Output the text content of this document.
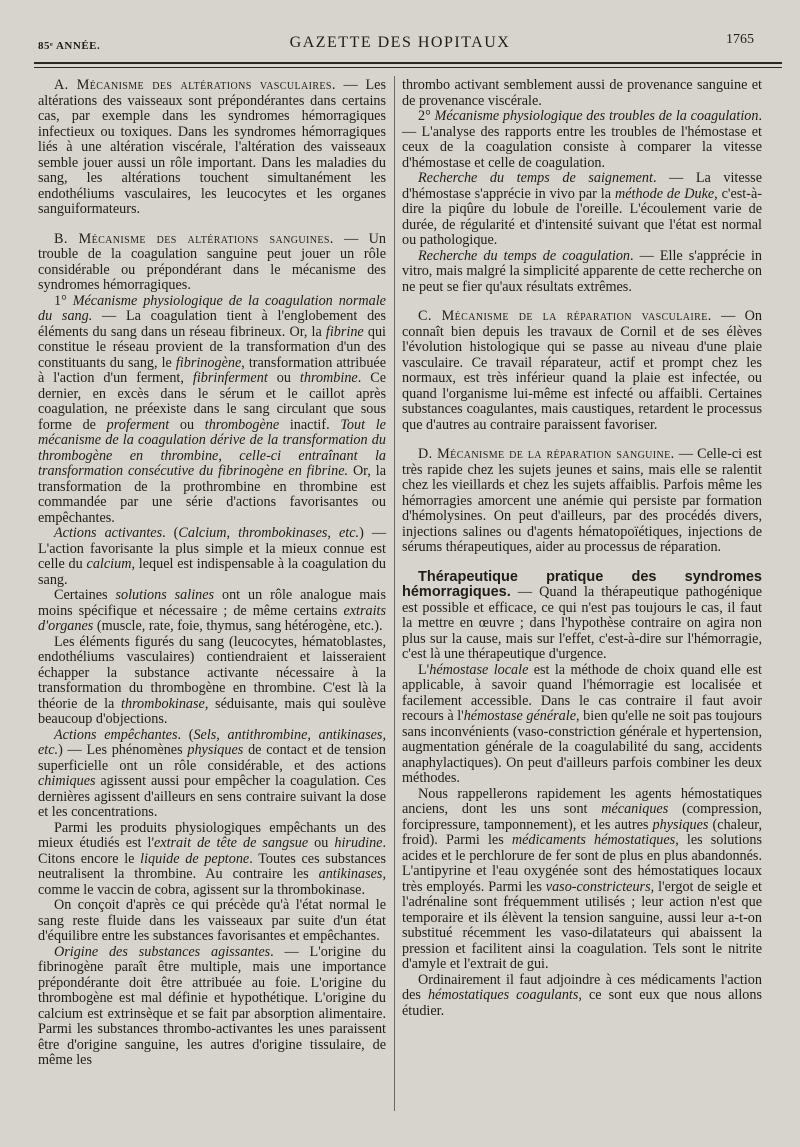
85ᵉ ANNÉE.	GAZETTE DES HOPITAUX	1765

A. Mécanisme des altérations vasculaires. — Les altérations des vaisseaux sont prépondérantes dans certains cas, par exemple dans les syndromes hémorragiques infectieux ou toxiques. Dans les syndromes hémorragiques liés à une altération viscérale, l'altération des vaisseaux semble jouer aussi un rôle important. Dans les maladies du sang, les altérations touchent simultanément les endothéliums vasculaires, les leucocytes et les organes sanguiformateurs.

B. Mécanisme des altérations sanguines. — Un trouble de la coagulation sanguine peut jouer un rôle considérable ou prépondérant dans le mécanisme des syndromes hémorragiques.

1° Mécanisme physiologique de la coagulation normale du sang. — La coagulation tient à l'englobement des éléments du sang dans un réseau fibrineux. Or, la fibrine qui constitue le réseau provient de la transformation d'un des constituants du sang, le fibrinogène, transformation attribuée à l'action d'un ferment, fibrinferment ou thrombine. Ce dernier, en excès dans le sérum et le caillot après coagulation, ne préexiste dans le sang circulant que sous forme de proferment ou thrombogène inactif. Tout le mécanisme de la coagulation dérive de la transformation du thrombogène en thrombine, celle-ci entraînant la transformation consécutive du fibrinogène en fibrine. Or, la transformation de la prothrombine en thrombine est commandée par une série d'actions favorisantes ou empêchantes.

Actions activantes. (Calcium, thrombokinases, etc.) — L'action favorisante la plus simple et la mieux connue est celle du calcium, lequel est indispensable à la coagulation du sang.

Certaines solutions salines ont un rôle analogue mais moins spécifique et nécessaire ; de même certains extraits d'organes (muscle, rate, foie, thymus, sang hétérogène, etc.).

Les éléments figurés du sang (leucocytes, hématoblastes, endothéliums vasculaires) contiendraient et laisseraient échapper la substance activante nécessaire à la transformation du thrombogène en thrombine. C'est là la théorie de la thrombokinase, séduisante, mais qui soulève beaucoup d'objections.

Actions empêchantes. (Sels, antithrombine, antikinases, etc.) — Les phénomènes physiques de contact et de tension superficielle ont un rôle considérable, et des actions chimiques agissent aussi pour empêcher la coagulation. Ces dernières agissent d'ailleurs en sens contraire suivant la dose et les concentrations.

Parmi les produits physiologiques empêchants un des mieux étudiés est l'extrait de tête de sangsue ou hirudine. Citons encore le liquide de peptone. Toutes ces substances neutralisent la thrombine. Au contraire les antikinases, comme le vaccin de cobra, agissent sur la thrombokinase.

On conçoit d'après ce qui précède qu'à l'état normal le sang reste fluide dans les vaisseaux par suite d'un état d'équilibre entre les substances favorisantes et empêchantes.

Origine des substances agissantes. — L'origine du fibrinogène paraît être multiple, mais une importance prépondérante doit être attribuée au foie. L'origine du thrombogène est mal définie et hypothétique. L'origine du calcium est extrinsèque et se fait par absorption alimentaire. Parmi les substances thrombo-activantes les unes paraissent être d'origine sanguine, les autres d'origine tissulaire, de même les

thrombo activant semblement aussi de provenance sanguine et de provenance viscérale.

2° Mécanisme physiologique des troubles de la coagulation. — L'analyse des rapports entre les troubles de l'hémostase et ceux de la coagulation consiste à comparer la vitesse d'hémostase et celle de coagulation.

Recherche du temps de saignement. — La vitesse d'hémostase s'apprécie in vivo par la méthode de Duke, c'est-à-dire la piqûre du lobule de l'oreille. L'écoulement varie de durée, de régularité et d'intensité suivant que l'état est normal ou pathologique.

Recherche du temps de coagulation. — Elle s'apprécie in vitro, mais malgré la simplicité apparente de cette recherche on ne peut se fier qu'aux résultats extrêmes.

C. Mécanisme de la réparation vasculaire. — On connaît bien depuis les travaux de Cornil et de ses élèves l'évolution histologique qui se passe au niveau d'une plaie vasculaire. Ce travail réparateur, actif et prompt chez les normaux, est très inférieur quand la plaie est infectée, ou quand l'organisme lui-même est infecté ou affaibli. Certaines substances coagulantes, mais caustiques, retardent le processus que d'autres au contraire paraissent favoriser.

D. Mécanisme de la réparation sanguine. — Celle-ci est très rapide chez les sujets jeunes et sains, mais elle se ralentit chez les vieillards et chez les sujets affaiblis. Parfois même les hémorragies amorcent une anémie qui persiste par formation d'hémolysines. On peut d'ailleurs, par des procédés divers, injections salines ou d'agents hématopoïétiques, injections de sérums thérapeutiques, aider au processus de réparation.

Thérapeutique pratique des syndromes hémorragiques. — Quand la thérapeutique pathogénique est possible et efficace, ce qui n'est pas toujours le cas, il faut la mettre en œuvre ; dans l'hypothèse contraire on agira non plus sur la cause, mais sur l'effet, c'est-à-dire sur l'hémorragie, c'est là une thérapeutique d'urgence.

L'hémostase locale est la méthode de choix quand elle est applicable, à savoir quand l'hémorragie est localisée et facilement accessible. Dans le cas contraire il faut avoir recours à l'hémostase générale, bien qu'elle ne soit pas toujours sans inconvénients (vaso-constriction générale et hypertension, augmentation générale de la coagulabilité du sang, accidents anaphylactiques). On peut d'ailleurs parfois combiner les deux méthodes.

Nous rappellerons rapidement les agents hémostatiques anciens, dont les uns sont mécaniques (compression, forcipressure, tamponnement), et les autres physiques (chaleur, froid). Parmi les médicaments hémostatiques, les solutions acides et le perchlorure de fer sont de plus en plus abandonnés. L'antipyrine et l'eau oxygénée sont des hémostatiques locaux très employés. Parmi les vaso-constricteurs, l'ergot de seigle et l'adrénaline sont fréquemment utilisés ; leur action n'est que temporaire et ils élèvent la tension sanguine, aussi leur a-t-on substitué récemment les vaso-dilatateurs qui abaissent la pression et facilitent ainsi la coagulation. Tels sont le nitrite d'amyle et l'extrait de gui.

Ordinairement il faut adjoindre à ces médicaments l'action des hémostatiques coagulants, ce sont eux que nous allons étudier.
